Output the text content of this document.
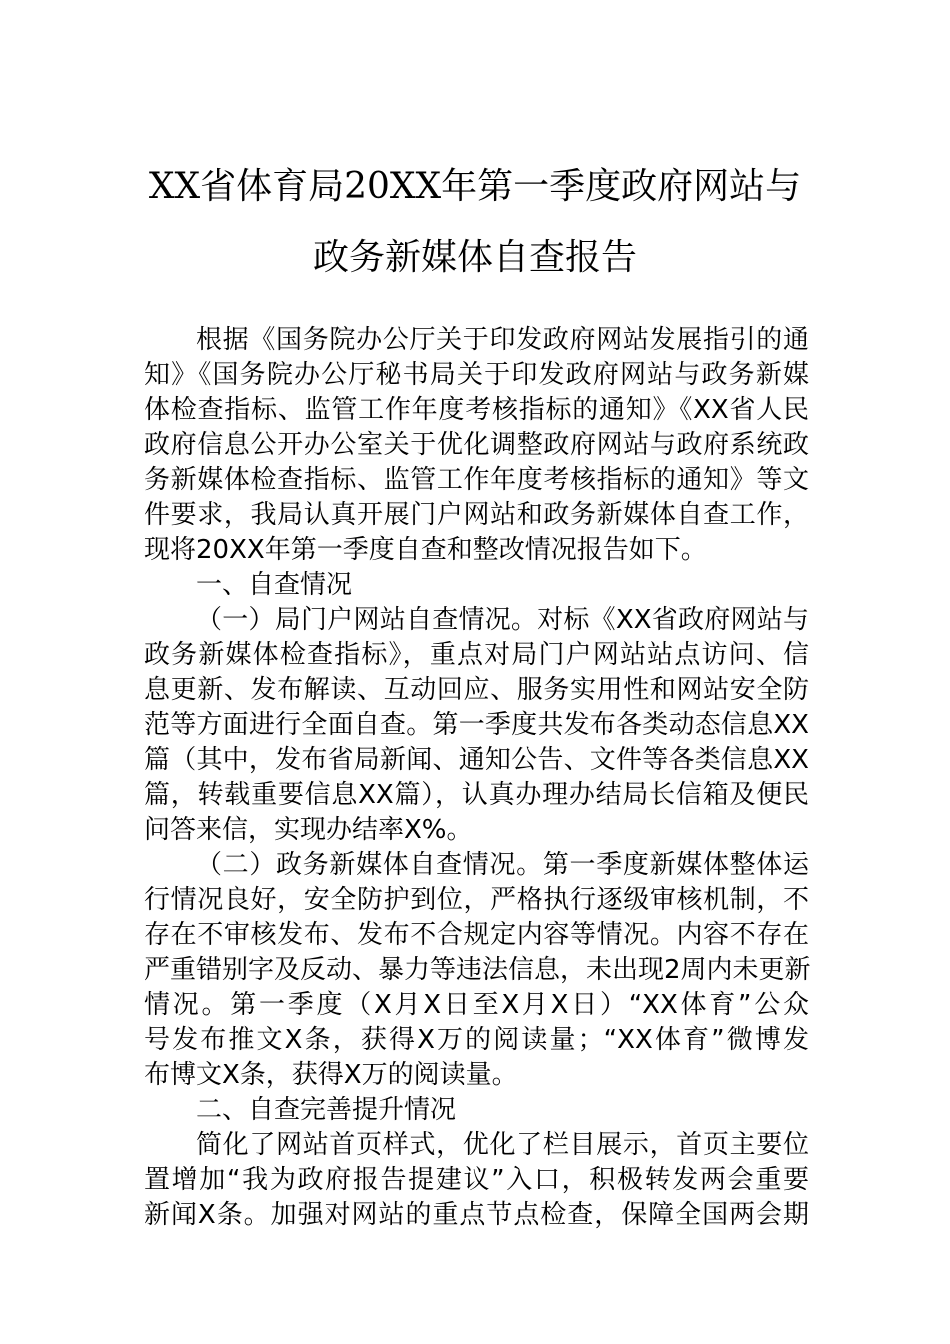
XX省体育局20XX年第一季度政府网站与
政务新媒体自查报告
根据《国务院办公厅关于印发政府网站发展指引的通
知》《国务院办公厅秘书局关于印发政府网站与政务新媒
体检查指标、监管工作年度考核指标的通知》《XX省人民
政府信息公开办公室关于优化调整政府网站与政府系统政
务新媒体检查指标、监管工作年度考核指标的通知》等文
件要求，我局认真开展门户网站和政务新媒体自查工作，
现将20XX年第一季度自查和整改情况报告如下。
一、自查情况
（一）局门户网站自查情况。对标《XX省政府网站与
政务新媒体检查指标》，重点对局门户网站站点访问、信
息更新、发布解读、互动回应、服务实用性和网站安全防
范等方面进行全面自查。第一季度共发布各类动态信息XX
篇（其中，发布省局新闻、通知公告、文件等各类信息XX
篇，转载重要信息XX篇），认真办理办结局长信箱及便民
问答来信，实现办结率X%。
（二）政务新媒体自查情况。第一季度新媒体整体运
行情况良好，安全防护到位，严格执行逐级审核机制，不
存在不审核发布、发布不合规定内容等情况。内容不存在
严重错别字及反动、暴力等违法信息，未出现2周内未更新
情况。第一季度（X月X日至X月X日）“XX体育”公众
号发布推文X条，获得X万的阅读量；“XX体育”微博发
布博文X条，获得X万的阅读量。
二、自查完善提升情况
简化了网站首页样式，优化了栏目展示，首页主要位
置增加“我为政府报告提建议”入口，积极转发两会重要
新闻X条。加强对网站的重点节点检查，保障全国两会期
